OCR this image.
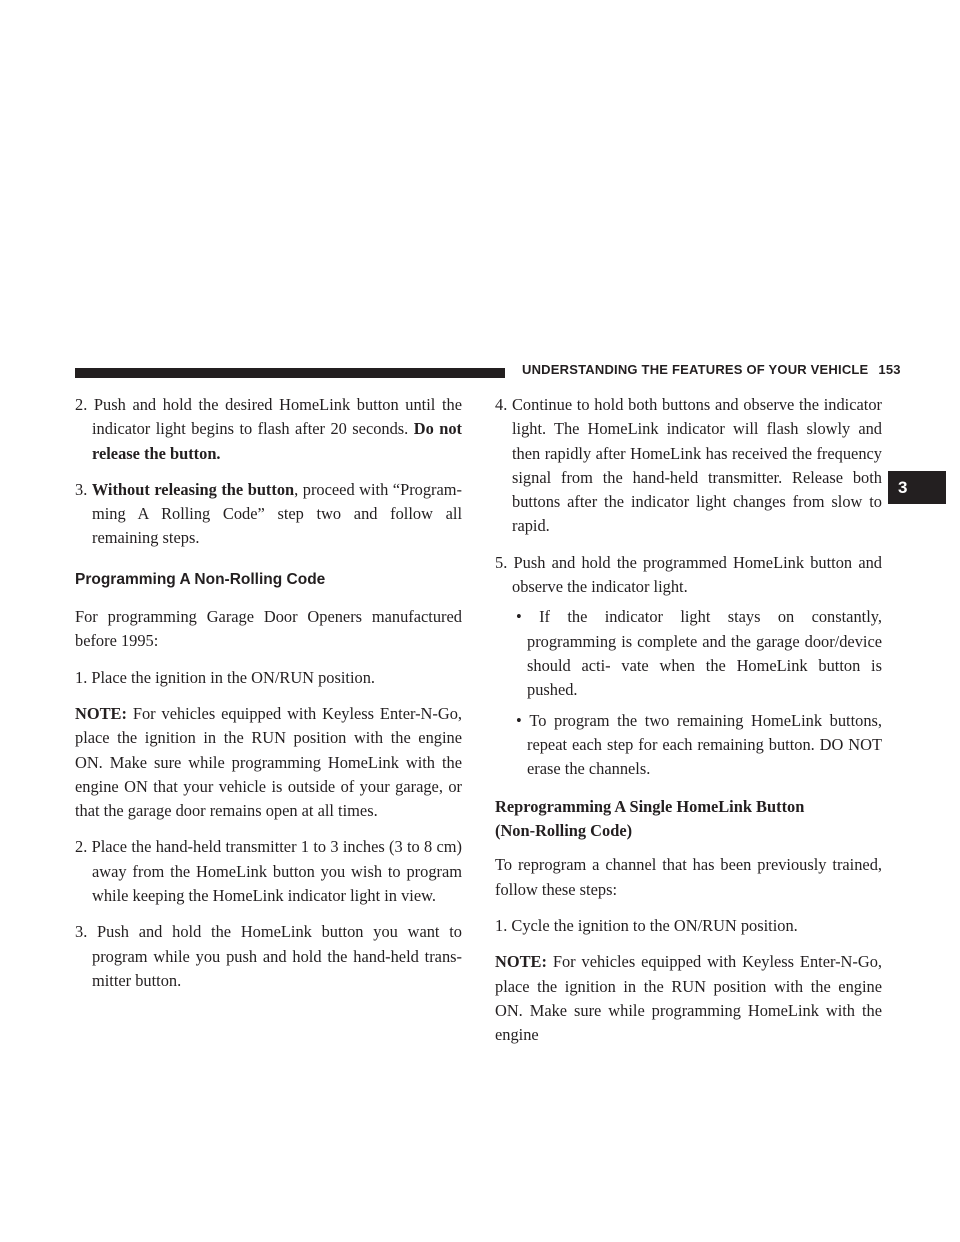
UNDERSTANDING THE FEATURES OF YOUR VEHICLE 153
3

2. Push and hold the desired HomeLink button until the indicator light begins to flash after 20 seconds. Do not release the button.

3. Without releasing the button, proceed with “Program- ming A Rolling Code” step two and follow all remaining steps.

Programming A Non-Rolling Code

For programming Garage Door Openers manufactured before 1995:

1. Place the ignition in the ON/RUN position.

NOTE: For vehicles equipped with Keyless Enter-N-Go, place the ignition in the RUN position with the engine ON. Make sure while programming HomeLink with the engine ON that your vehicle is outside of your garage, or that the garage door remains open at all times.

2. Place the hand-held transmitter 1 to 3 inches (3 to 8 cm) away from the HomeLink button you wish to program while keeping the HomeLink indicator light in view.

3. Push and hold the HomeLink button you want to program while you push and hold the hand-held trans- mitter button.

4. Continue to hold both buttons and observe the indicator light. The HomeLink indicator will flash slowly and then rapidly after HomeLink has received the frequency signal from the hand-held transmitter. Release both buttons after the indicator light changes from slow to rapid.

5. Push and hold the programmed HomeLink button and observe the indicator light.

• If the indicator light stays on constantly, programming is complete and the garage door/device should acti- vate when the HomeLink button is pushed.

• To program the two remaining HomeLink buttons, repeat each step for each remaining button. DO NOT erase the channels.

Reprogramming A Single HomeLink Button
(Non-Rolling Code)

To reprogram a channel that has been previously trained, follow these steps:

1. Cycle the ignition to the ON/RUN position.

NOTE: For vehicles equipped with Keyless Enter-N-Go, place the ignition in the RUN position with the engine ON. Make sure while programming HomeLink with the engine
